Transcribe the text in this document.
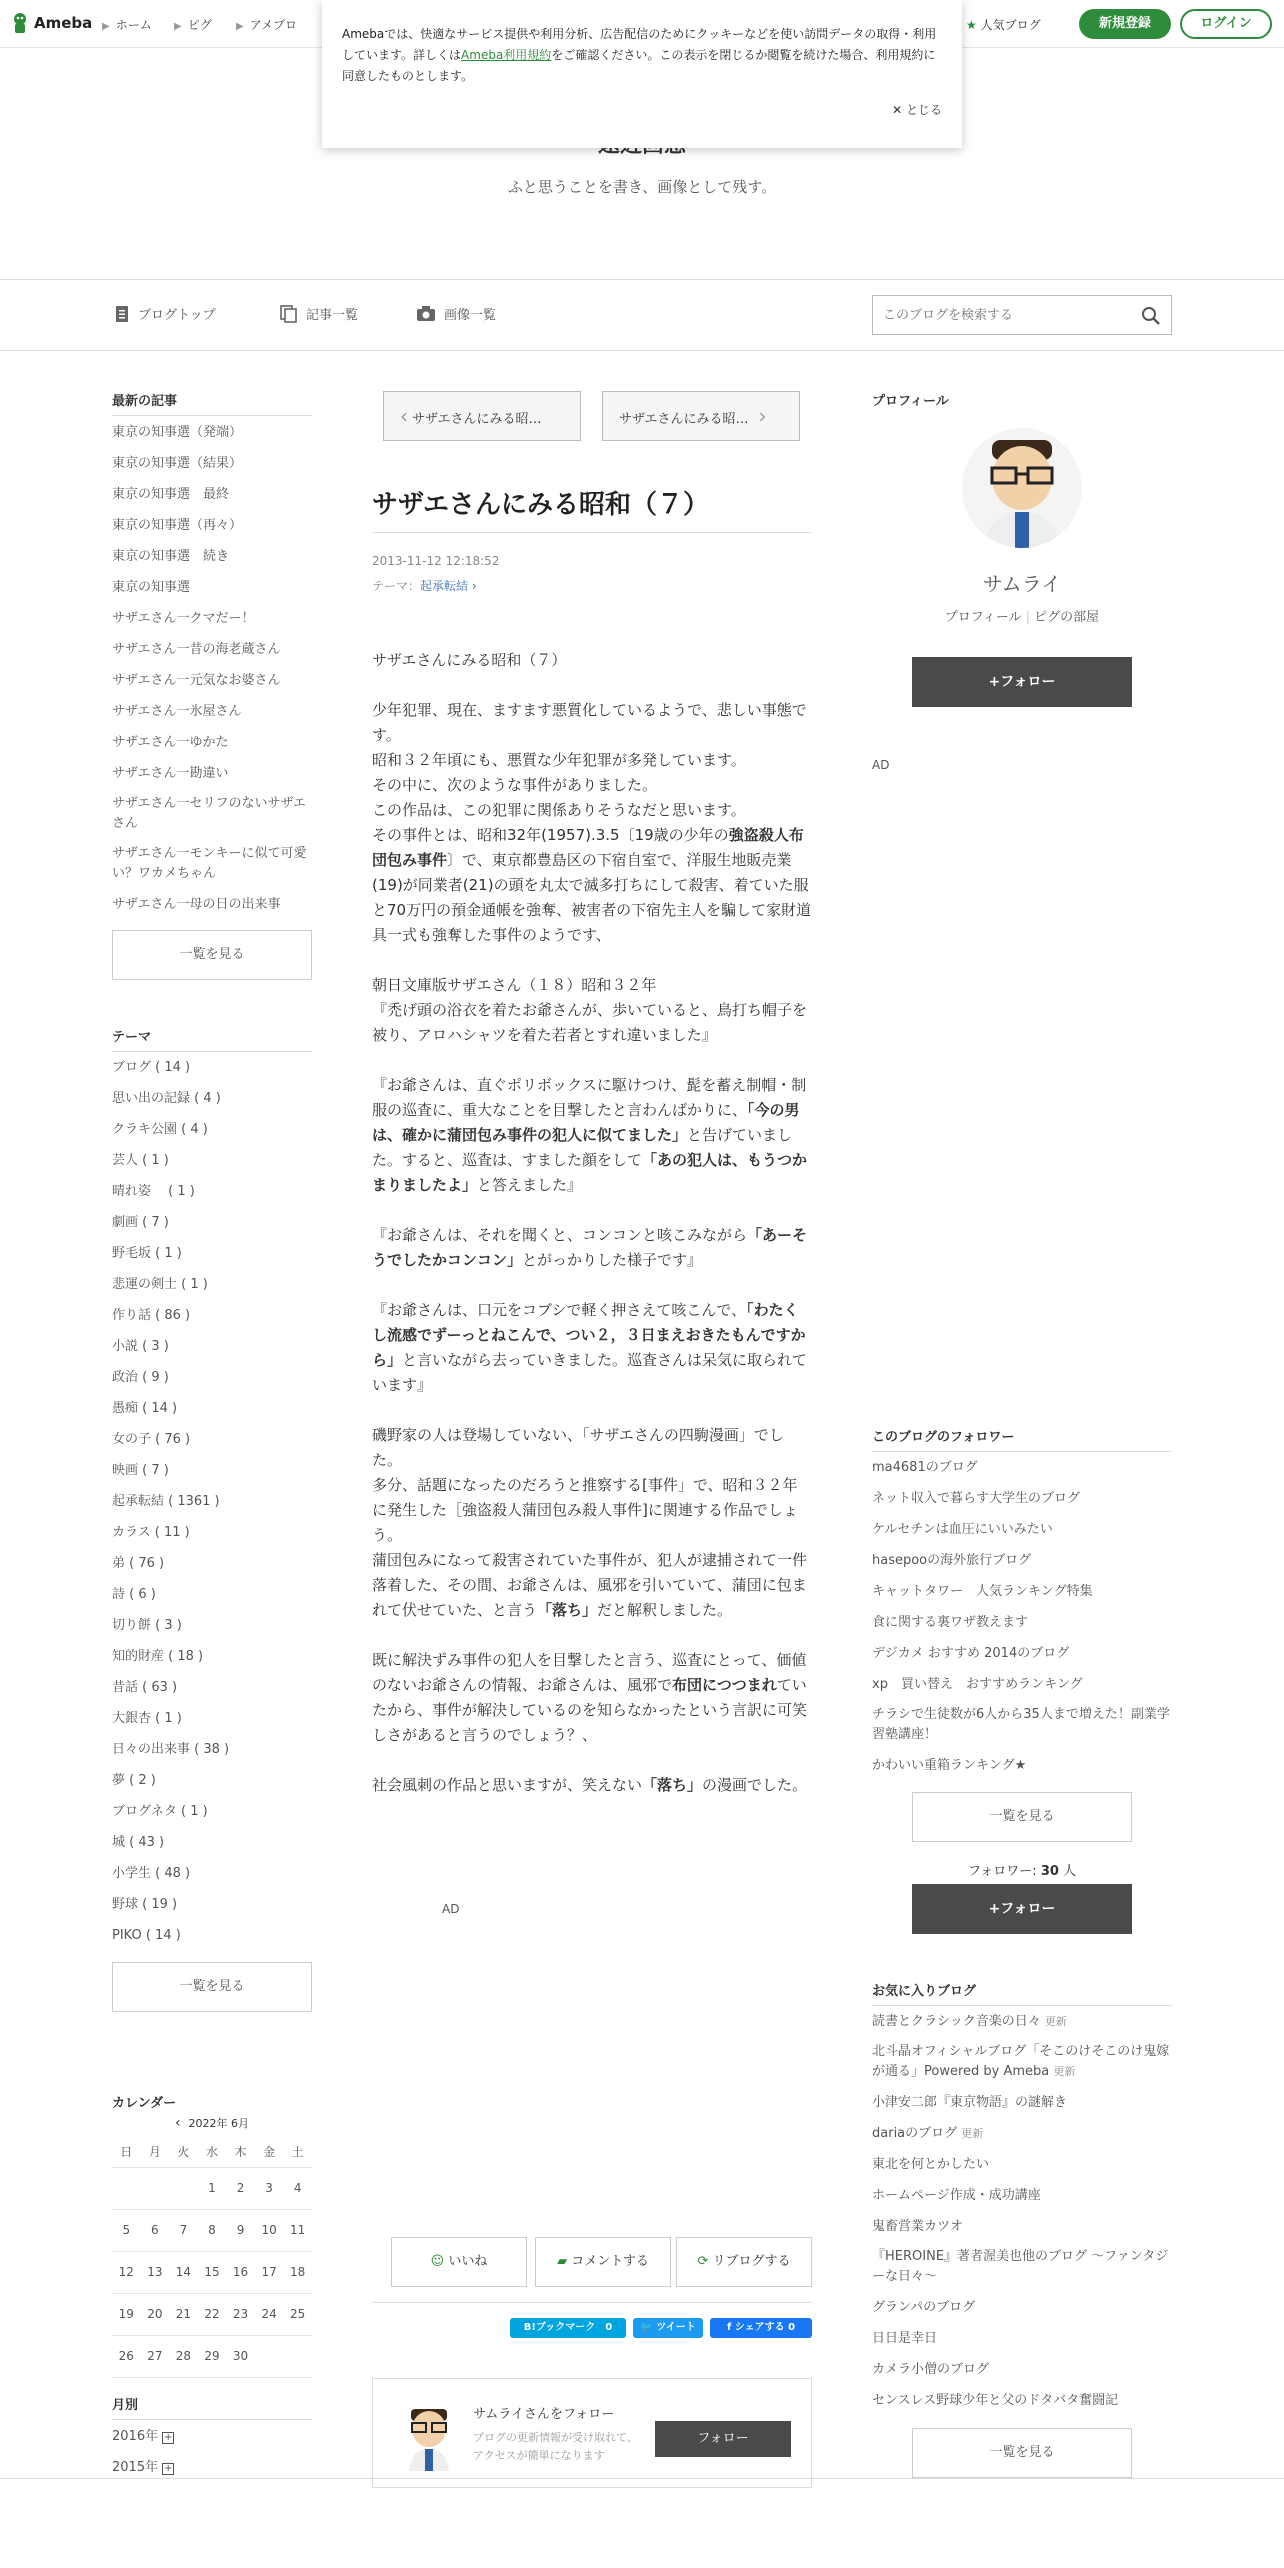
Ameba ▶ ホーム ▶ ピグ ▶ アメブロ	★ 人気ブログ	新規登録	ログイン
Amebaでは、快適なサービス提供や利用分析、広告配信のためにクッキーなどを使い訪問データの取得・利用しています。詳しくはAmeba利用規約をご確認ください。この表示を閉じるか閲覧を続けた場合、利用規約に同意したものとします。
✕ とじる
ふと思うことを書き、画像として残す。
ブログトップ	記事一覧	画像一覧
このブログを検索する
最新の記事
東京の知事選（発端）
東京の知事選（結果）
東京の知事選　最終
東京の知事選（再々）
東京の知事選　続き
東京の知事選
サザエさん一クマだー！
サザエさん一昔の海老蔵さん
サザエさん一元気なお婆さん
サザエさん一氷屋さん
サザエさん一ゆかた
サザエさん一勘違い
サザエさん一セリフのないサザエさん
サザエさん一モンキーに似て可愛い？ワカメちゃん
サザエさん一母の日の出来事
一覧を見る
テーマ
ブログ ( 14 )
思い出の記録 ( 4 )
クラキ公園 ( 4 )
芸人 ( 1 )
晴れ姿　 ( 1 )
劇画 ( 7 )
野毛坂 ( 1 )
悲運の剣士 ( 1 )
作り話 ( 86 )
小説 ( 3 )
政治 ( 9 )
愚痴 ( 14 )
女の子 ( 76 )
映画 ( 7 )
起承転結 ( 1361 )
カラス ( 11 )
弟 ( 76 )
詩 ( 6 )
切り餅 ( 3 )
知的財産 ( 18 )
昔話 ( 63 )
大銀杏 ( 1 )
日々の出来事 ( 38 )
夢 ( 2 )
ブログネタ ( 1 )
城 ( 43 )
小学生 ( 48 )
野球 ( 19 )
PIKO ( 14 )
一覧を見る
カレンダー
‹ 2022年 6月
日	月	火	水	木	金	土
			1	2	3	4
5	6	7	8	9	10	11
12	13	14	15	16	17	18
19	20	21	22	23	24	25
26	27	28	29	30		
月別
2016年 +
2015年 +
‹ サザエさんにみる昭…	サザエさんにみる昭… ›
サザエさんにみる昭和（７）
2013-11-12 12:18:52
テーマ：起承転結 ›

サザエさんにみる昭和（７）

少年犯罪、現在、ますます悪質化しているようで、悲しい事態です。
昭和３２年頃にも、悪質な少年犯罪が多発しています。
その中に、次のような事件がありました。
この作品は、この犯罪に関係ありそうなだと思います。
その事件とは、昭和32年(1957).3.5〔19歳の少年の強盗殺人布団包み事件〕で、東京都豊島区の下宿自室で、洋服生地販売業(19)が同業者(21)の頭を丸太で滅多打ちにして殺害、着ていた服と70万円の預金通帳を強奪、被害者の下宿先主人を騙して家財道具一式も強奪した事件のようです、

朝日文庫版サザエさん（１８）昭和３２年
『禿げ頭の浴衣を着たお爺さんが、歩いていると、鳥打ち帽子を被り、アロハシャツを着た若者とすれ違いました』

『お爺さんは、直ぐポリボックスに駆けつけ、髭を蓄え制帽・制服の巡査に、重大なことを目撃したと言わんばかりに、「今の男は、確かに蒲団包み事件の犯人に似てました」と告げていました。すると、巡査は、すました顔をして「あの犯人は、もうつかまりましたよ」と答えました』

『お爺さんは、それを聞くと、コンコンと咳こみながら「あーそうでしたかコンコン」とがっかりした様子です』

『お爺さんは、口元をコブシで軽く押さえて咳こんで、「わたくし流感でずーっとねこんで、つい２，３日まえおきたもんですから」と言いながら去っていきました。巡査さんは呆気に取られています』

磯野家の人は登場していない、「サザエさんの四駒漫画」でした。
多分、話題になったのだろうと推察する[事件」で、昭和３２年に発生した［強盗殺人蒲団包み殺人事件]に関連する作品でしょう。
蒲団包みになって殺害されていた事件が、犯人が逮捕されて一件落着した、その間、お爺さんは、風邪を引いていて、蒲団に包まれて伏せていた、と言う「落ち」だと解釈しました。

既に解決ずみ事件の犯人を目撃したと言う、巡査にとって、価値のないお爺さんの情報、お爺さんは、風邪で布団につつまれていたから、事件が解決しているのを知らなかったという言訳に可笑しさがあると言うのでしょう？、

社会風刺の作品と思いますが、笑えない「落ち」の漫画でした。

AD
☺ いいね	▰ コメントする	⟳ リブログする
B!ブックマーク　0	🐦 ツイート	f シェアする 0
サムライさんをフォロー
ブログの更新情報が受け取れて、アクセスが簡単になります
フォロー
プロフィール
サムライ
プロフィール | ピグの部屋
+フォロー
AD
このブログのフォロワー
ma4681のブログ
ネット収入で暮らす大学生のブログ
ケルセチンは血圧にいいみたい
hasepooの海外旅行ブログ
キャットタワー　人気ランキング特集
食に関する裏ワザ教えます
デジカメ おすすめ 2014のブログ
xp　買い替え　おすすめランキング
チラシで生徒数が6人から35人まで増えた！副業学習塾講座！
かわいい重箱ランキング★
一覧を見る
フォロワー: 30 人
+フォロー
お気に入りブログ
読書とクラシック音楽の日々 更新
北斗晶オフィシャルブログ「そこのけそこのけ鬼嫁が通る」Powered by Ameba 更新
小津安二郎『東京物語』の謎解き
dariaのブログ 更新
東北を何とかしたい
ホームページ作成・成功講座
鬼畜営業カツオ
『HEROINE』著者渥美也他のブログ ～ファンタジーな日々～
グランパのブログ
日日是幸日
カメラ小僧のブログ
センスレス野球少年と父のドタバタ奮闘記
一覧を見る
